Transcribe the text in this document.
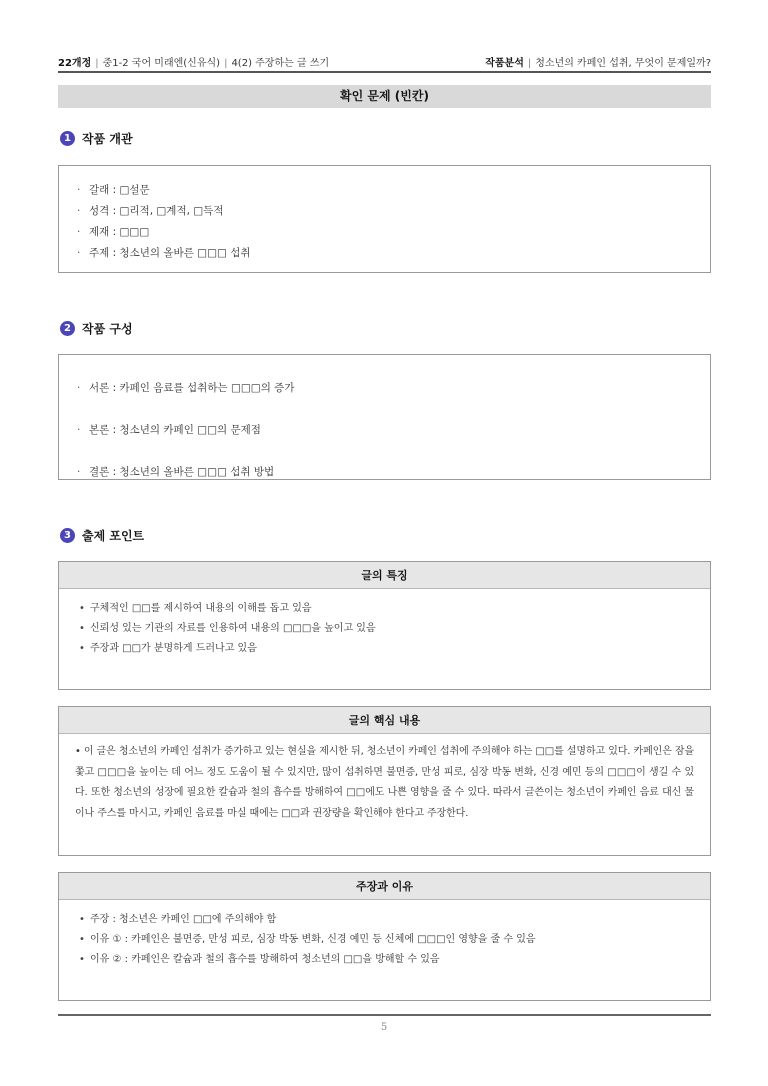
22개정 | 중1-2 국어 미래엔(신유식) | 4(2) 주장하는 글 쓰기	작품분석 | 청소년의 카페인 섭취, 무엇이 문제일까?
확인 문제 (빈칸)
1 작품 개관
· 갈래 : □설문
· 성격 : □리적, □계적, □득적
· 제재 : □□□
· 주제 : 청소년의 올바른 □□□ 섭취
2 작품 구성
· 서론 : 카페인 음료를 섭취하는 □□□의 증가
· 본론 : 청소년의 카페인 □□의 문제점
· 결론 : 청소년의 올바른 □□□ 섭취 방법
3 출제 포인트
글의 특징
• 구체적인 □□를 제시하여 내용의 이해를 돕고 있음
• 신뢰성 있는 기관의 자료를 인용하여 내용의 □□□을 높이고 있음
• 주장과 □□가 분명하게 드러나고 있음
글의 핵심 내용

• 이 글은 청소년의 카페인 섭취가 증가하고 있는 현실을 제시한 뒤, 청소년이 카페인 섭취에 주의해야 하는 □□를 설명하고 있다. 카페인은 잠을 쫓고 □□□을 높이는 데 어느 정도 도움이 될 수 있지만, 많이 섭취하면 불면증, 만성 피로, 심장 박동 변화, 신경 예민 등의 □□□이 생길 수 있다. 또한 청소년의 성장에 필요한 칼슘과 철의 흡수를 방해하여 □□에도 나쁜 영향을 줄 수 있다. 따라서 글쓴이는 청소년이 카페인 음료 대신 물이나 주스를 마시고, 카페인 음료를 마실 때에는 □□과 권장량을 확인해야 한다고 주장한다.

주장과 이유
• 주장 : 청소년은 카페인 □□에 주의해야 함
• 이유 ① : 카페인은 불면증, 만성 피로, 심장 박동 변화, 신경 예민 등 신체에 □□□인 영향을 줄 수 있음
• 이유 ② : 카페인은 칼슘과 철의 흡수를 방해하여 청소년의 □□을 방해할 수 있음
5
